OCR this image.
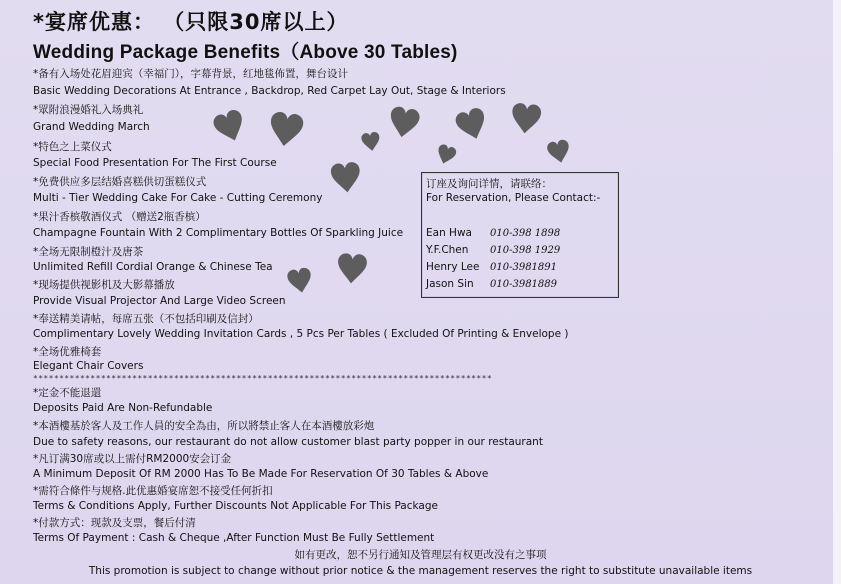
*宴席优惠： （只限30席以上）
Wedding Package Benefits（Above 30 Tables)
*备有入场处花眉迎宾（幸福门），字幕背景，红地毯佈置，舞台设计
Basic Wedding Decorations At Entrance , Backdrop, Red Carpet Lay Out, Stage & Interiors
*眾附浪漫婚礼入场典礼
Grand Wedding March
*特色之上菜仪式
Special Food Presentation For The First Course
*免费供应多层结婚喜糕供切蛋糕仪式
Multi - Tier Wedding Cake For Cake - Cutting Ceremony
*果汁香槟敬酒仪式 （赠送2瓶香槟）
Champagne Fountain With 2 Complimentary Bottles Of Sparkling Juice
*全场无限制橙汁及唐茶
Unlimited Refill Cordial Orange & Chinese Tea
*现场提供视影机及大影幕播放
Provide Visual Projector And Large Video Screen
*奉送精美请帖，每席五张（不包括印刷及信封）
Complimentary Lovely Wedding Invitation Cards , 5 Pcs Per Tables ( Excluded Of Printing & Envelope )
*全场优雅椅套
Elegant Chair Covers
****************************************************************************************
*定金不能退還
Deposits Paid Are Non-Refundable
*本酒樓基於客人及工作人員的安全為由，所以將禁止客人在本酒樓放彩炮
Due to safety reasons, our restaurant do not allow customer blast party popper in our restaurant
*凡订满30席或以上需付RM2000安会订金
A Minimum Deposit Of RM 2000 Has To Be Made For Reservation Of 30 Tables & Above
*需符合條件与规格.此优惠婚宴席恕不接受任何折扣
Terms & Conditions Apply, Further Discounts Not Applicable For This Package
*付款方式：现款及支票，餐后付清
Terms Of Payment : Cash & Cheque ,After Function Must Be Fully Settlement
如有更改，恕不另行通知及管理层有权更改没有之事项
This promotion is subject to change without prior notice & the management reserves the right to substitute unavailable items
订座及询问详情，请联络：
For Reservation, Please Contact:-
Ean Hwa 010-398 1898
Y.F.Chen 010-398 1929
Henry Lee 010-3981891
Jason Sin 010-3981889
